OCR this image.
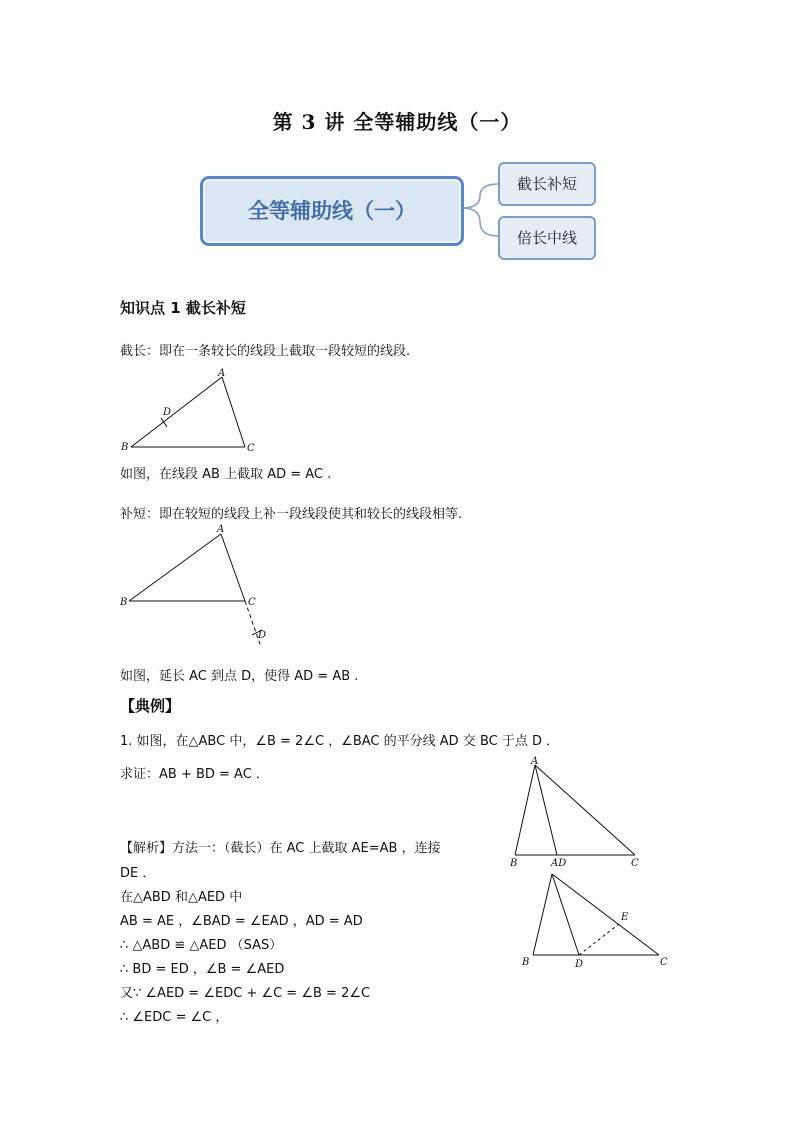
第 3 讲 全等辅助线（一）
全等辅助线（一）
截长补短
倍长中线
知识点 1 截长补短
截长：即在一条较长的线段上截取一段较短的线段.
A
B	C
D
如图，在线段 AB 上截取 AD = AC .
补短：即在较短的线段上补一段线段使其和较长的线段相等.
A
B	C
D
如图，延长 AC 到点 D，使得 AD = AB .
【典例】
1. 如图，在△ABC 中，∠B = 2∠C ，∠BAC 的平分线 AD 交 BC 于点 D ．
求证：AB + BD = AC ．
【解析】方法一：（截长）在 AC 上截取 AE=AB ，连接
DE ．
在△ABD 和△AED 中
AB = AE ，∠BAD = ∠EAD ，AD = AD
∴ △ABD ≌ △AED （SAS）
∴ BD = ED ，∠B = ∠AED
又∵ ∠AED = ∠EDC + ∠C = ∠B = 2∠C
∴ ∠EDC = ∠C ，
A
B	AD	C
B	D
E
C
